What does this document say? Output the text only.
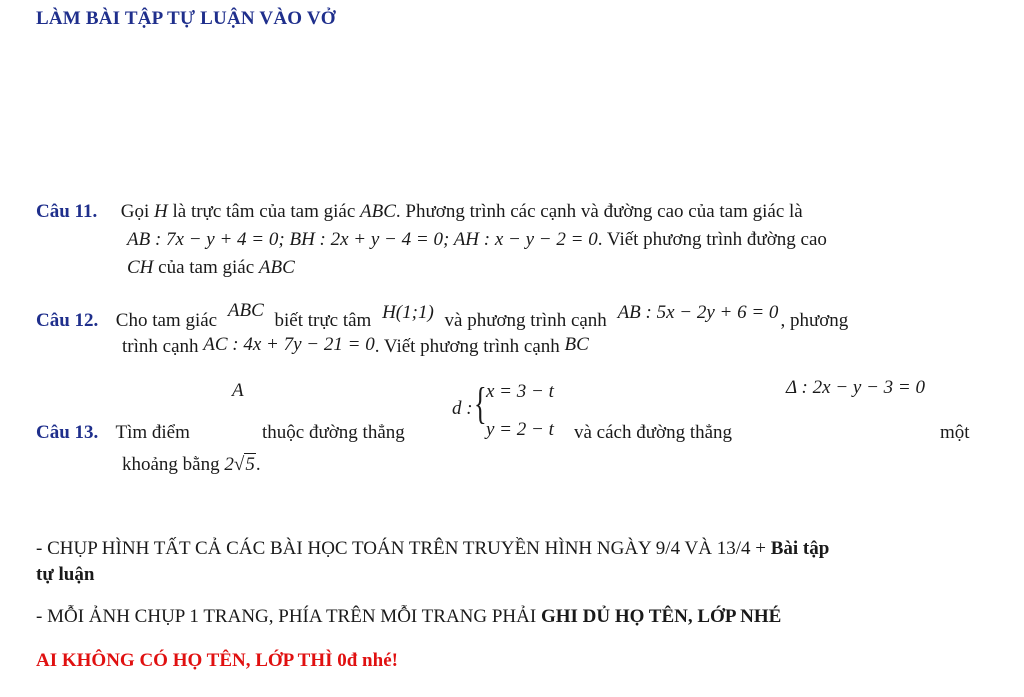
LÀM BÀI TẬP TỰ LUẬN VÀO VỞ
Câu 11. Gọi H là trực tâm của tam giác ABC. Phương trình các cạnh và đường cao của tam giác là
AB : 7x − y + 4 = 0; BH : 2x + y − 4 = 0; AH : x − y − 2 = 0. Viết phương trình đường cao
CH của tam giác ABC
Câu 12. Cho tam giác ABC biết trực tâm H(1;1) và phương trình cạnh AB : 5x − 2y + 6 = 0 , phương
trình cạnh AC : 4x + 7y − 21 = 0. Viết phương trình cạnh BC
A
d : { x = 3 − t
y = 2 − t
Δ : 2x − y − 3 = 0
Câu 13. Tìm điểm	thuộc đường thẳng	và cách đường thẳng	một
khoảng bằng 2√5.
- CHỤP HÌNH TẤT CẢ CÁC BÀI HỌC TOÁN TRÊN TRUYỀN HÌNH NGÀY 9/4 VÀ 13/4 + Bài tập
tự luận
- MỖI ẢNH CHỤP 1 TRANG, PHÍA TRÊN MỖI TRANG PHẢI GHI DỦ HỌ TÊN, LỚP NHÉ
AI KHÔNG CÓ HỌ TÊN, LỚP THÌ 0đ nhé!
